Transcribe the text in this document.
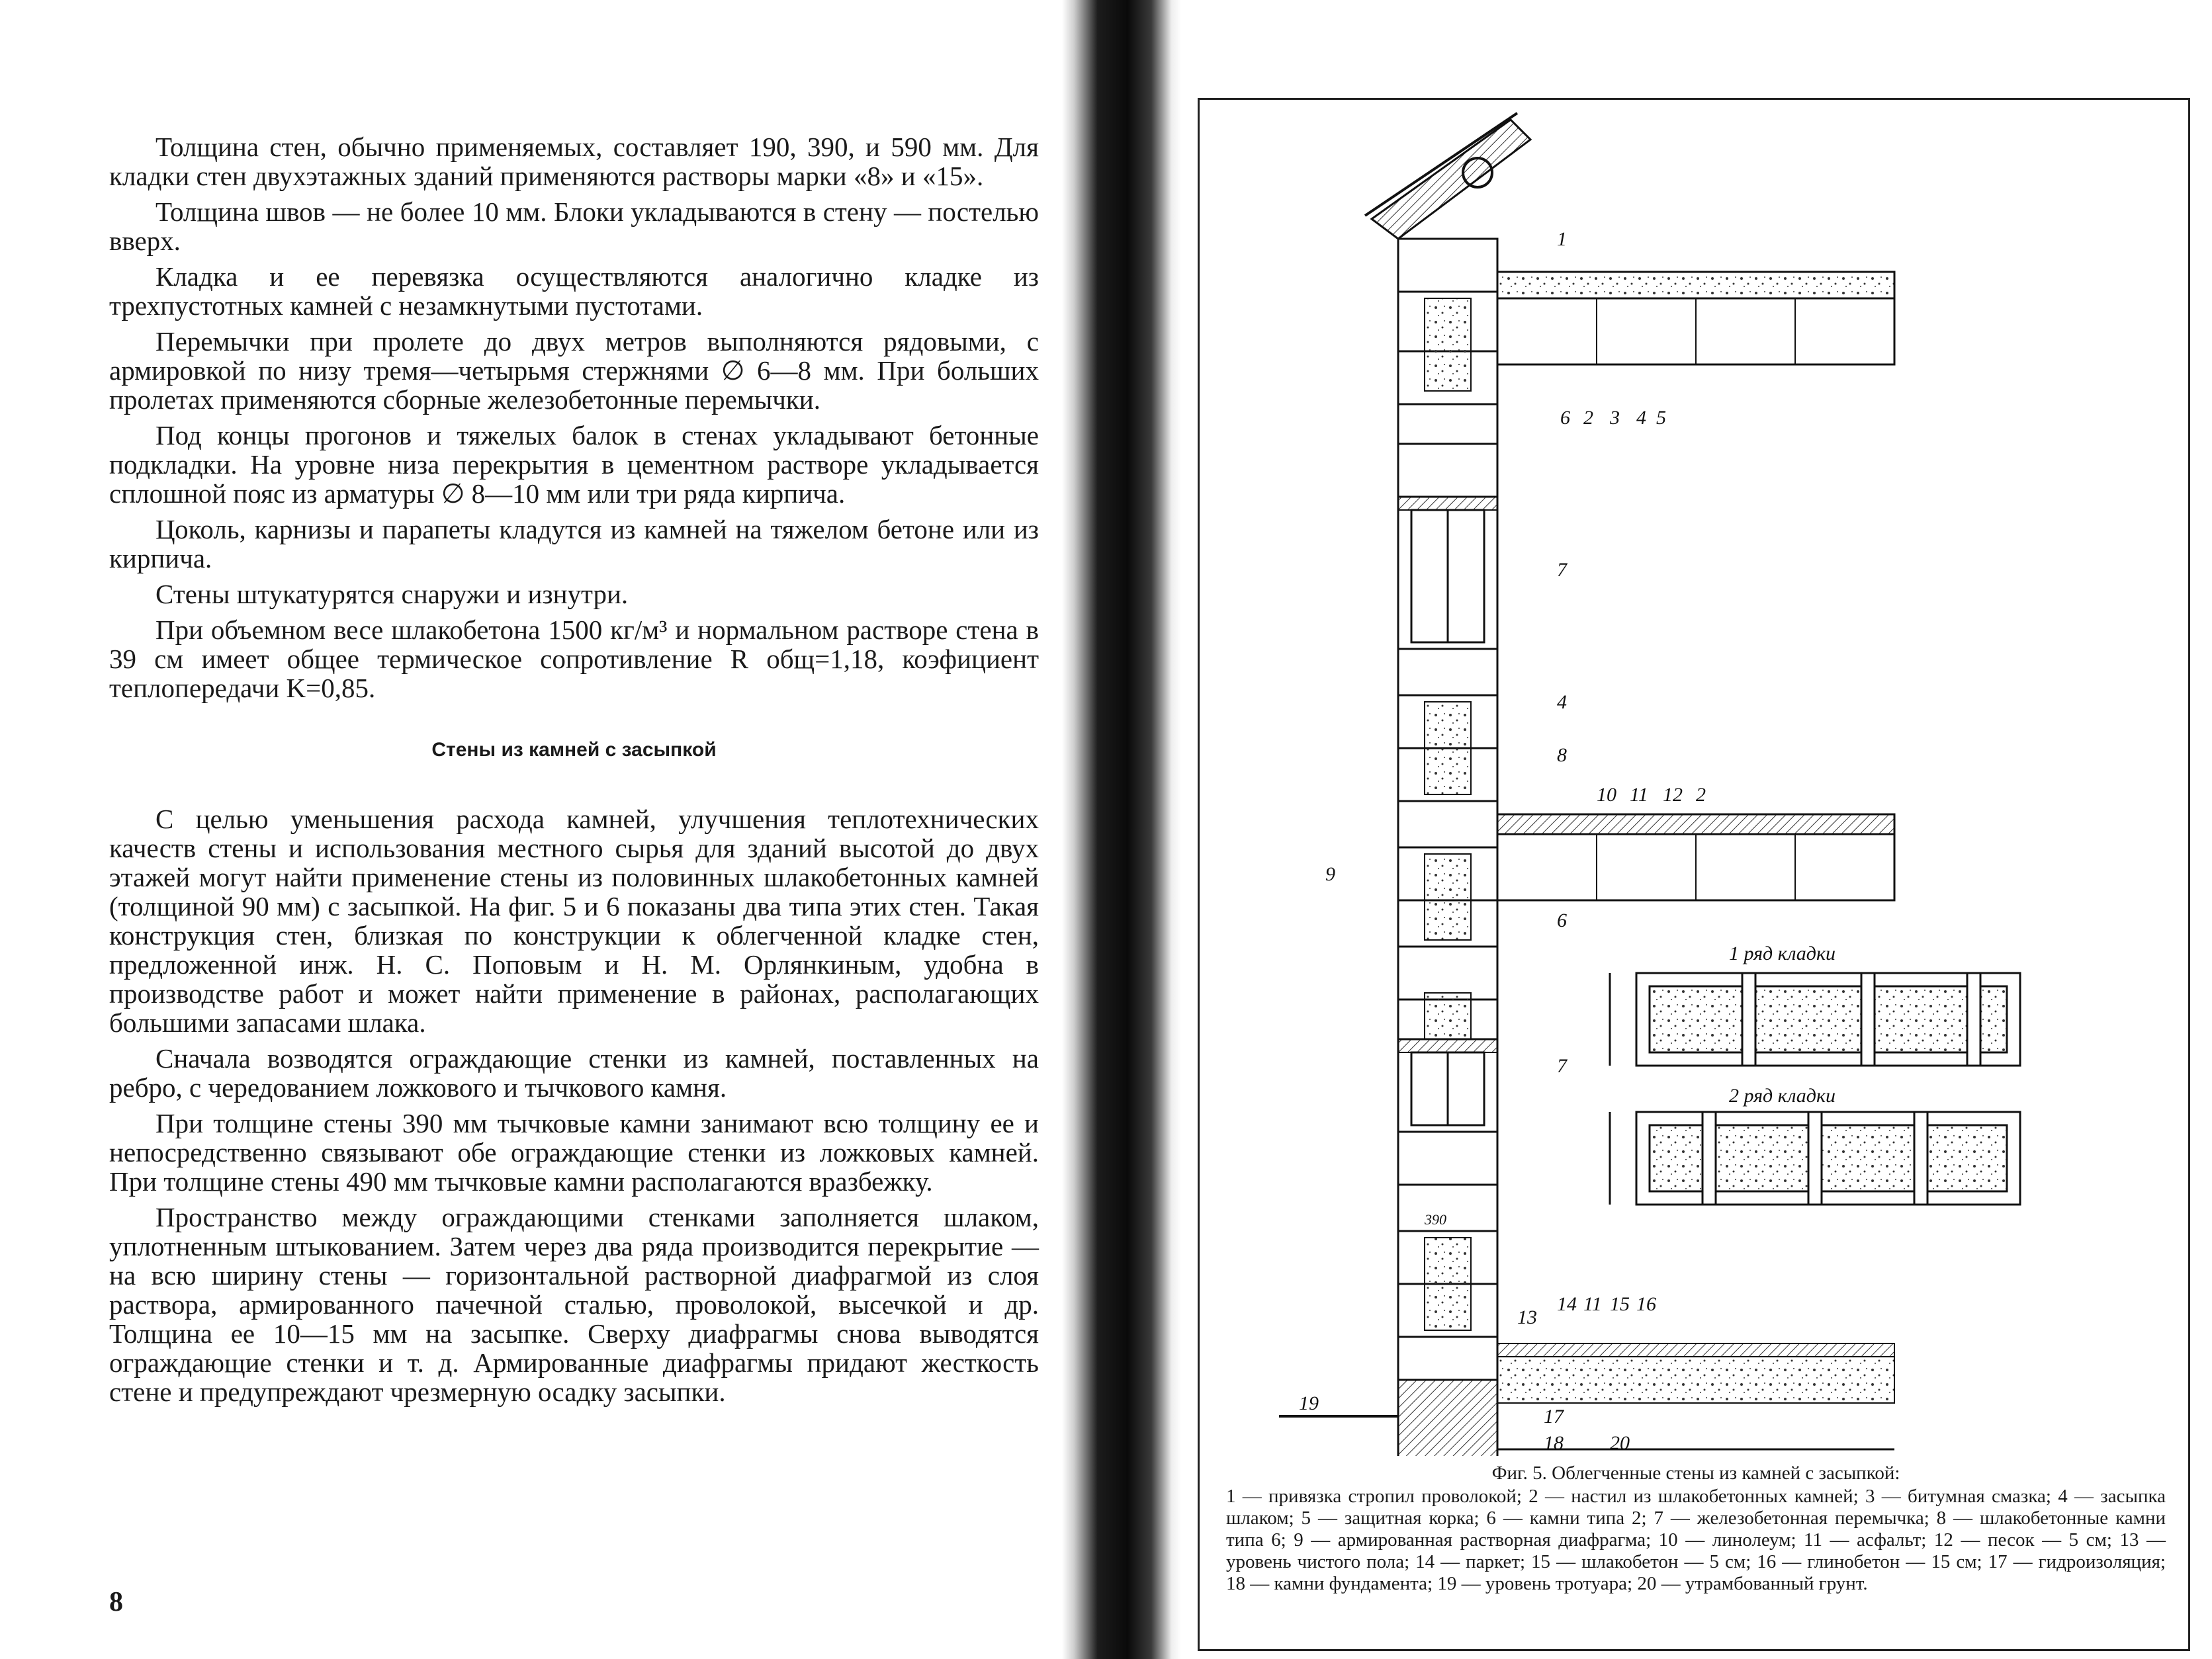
Толщина стен, обычно применяемых, составляет 190, 390, и 590 мм. Для кладки стен двухэтажных зданий применяются растворы марки «8» и «15».

Толщина швов — не более 10 мм. Блоки укладываются в стену — постелью вверх.

Кладка и ее перевязка осуществляются аналогично кладке из трехпустотных камней с незамкнутыми пустотами.

Перемычки при пролете до двух метров выполняются рядовыми, с армировкой по низу тремя—четырьмя стержнями ∅ 6—8 мм. При больших пролетах применяются сборные железобетонные перемычки.

Под концы прогонов и тяжелых балок в стенах укладывают бетонные подкладки. На уровне низа перекрытия в цементном растворе укладывается сплошной пояс из арматуры ∅ 8—10 мм или три ряда кирпича.

Цоколь, карнизы и парапеты кладутся из камней на тяжелом бетоне или из кирпича.

Стены штукатурятся снаружи и изнутри.

При объемном весе шлакобетона 1500 кг/м³ и нормальном растворе стена в 39 см имеет общее термическое сопротивление R общ=1,18, коэфициент теплопередачи K=0,85.

Стены из камней с засыпкой

С целью уменьшения расхода камней, улучшения теплотехнических качеств стены и использования местного сырья для зданий высотой до двух этажей могут найти применение стены из половинных шлакобетонных камней (толщиной 90 мм) с засыпкой. На фиг. 5 и 6 показаны два типа этих стен. Такая конструкция стен, близкая по конструкции к облегченной кладке стен, предложенной инж. Н. С. Поповым и Н. М. Орлянкиным, удобна в производстве работ и может найти применение в районах, располагающих большими запасами шлака.

Сначала возводятся ограждающие стенки из камней, поставленных на ребро, с чередованием ложкового и тычкового камня.

При толщине стены 390 мм тычковые камни занимают всю толщину ее и непосредственно связывают обе ограждающие стенки из ложковых камней. При толщине стены 490 мм тычковые камни располагаются вразбежку.

Пространство между ограждающими стенками заполняется шлаком, уплотненным штыкованием. Затем через два ряда производится перекрытие — на всю ширину стены — горизонтальной растворной диафрагмой из слоя раствора, армированного пачечной сталью, проволокой, высечкой и др. Толщина ее 10—15 мм на засыпке. Сверху диафрагмы снова выводятся ограждающие стенки и т. д. Армированные диафрагмы придают жесткость стене и предупреждают чрезмерную осадку засыпки.

8
1
6 2 3 4 5
7
4
8
10 11 12 2
9
6
7
13
14 11 15 16
19
17
20
18
1 ряд кладки
2 ряд кладки
390
Фиг. 5. Облегченные стены из камней с засыпкой:
1 — привязка стропил проволокой; 2 — настил из шлакобетонных камней; 3 — битумная смазка; 4 — засыпка шлаком; 5 — защитная корка; 6 — камни типа 2; 7 — железобетонная перемычка; 8 — шлакобетонные камни типа 6; 9 — армированная растворная диафрагма; 10 — линолеум; 11 — асфальт; 12 — песок — 5 см; 13 — уровень чистого пола; 14 — паркет; 15 — шлакобетон — 5 см; 16 — глинобетон — 15 см; 17 — гидроизоляция; 18 — камни фундамента; 19 — уровень тротуара; 20 — утрамбованный грунт.
